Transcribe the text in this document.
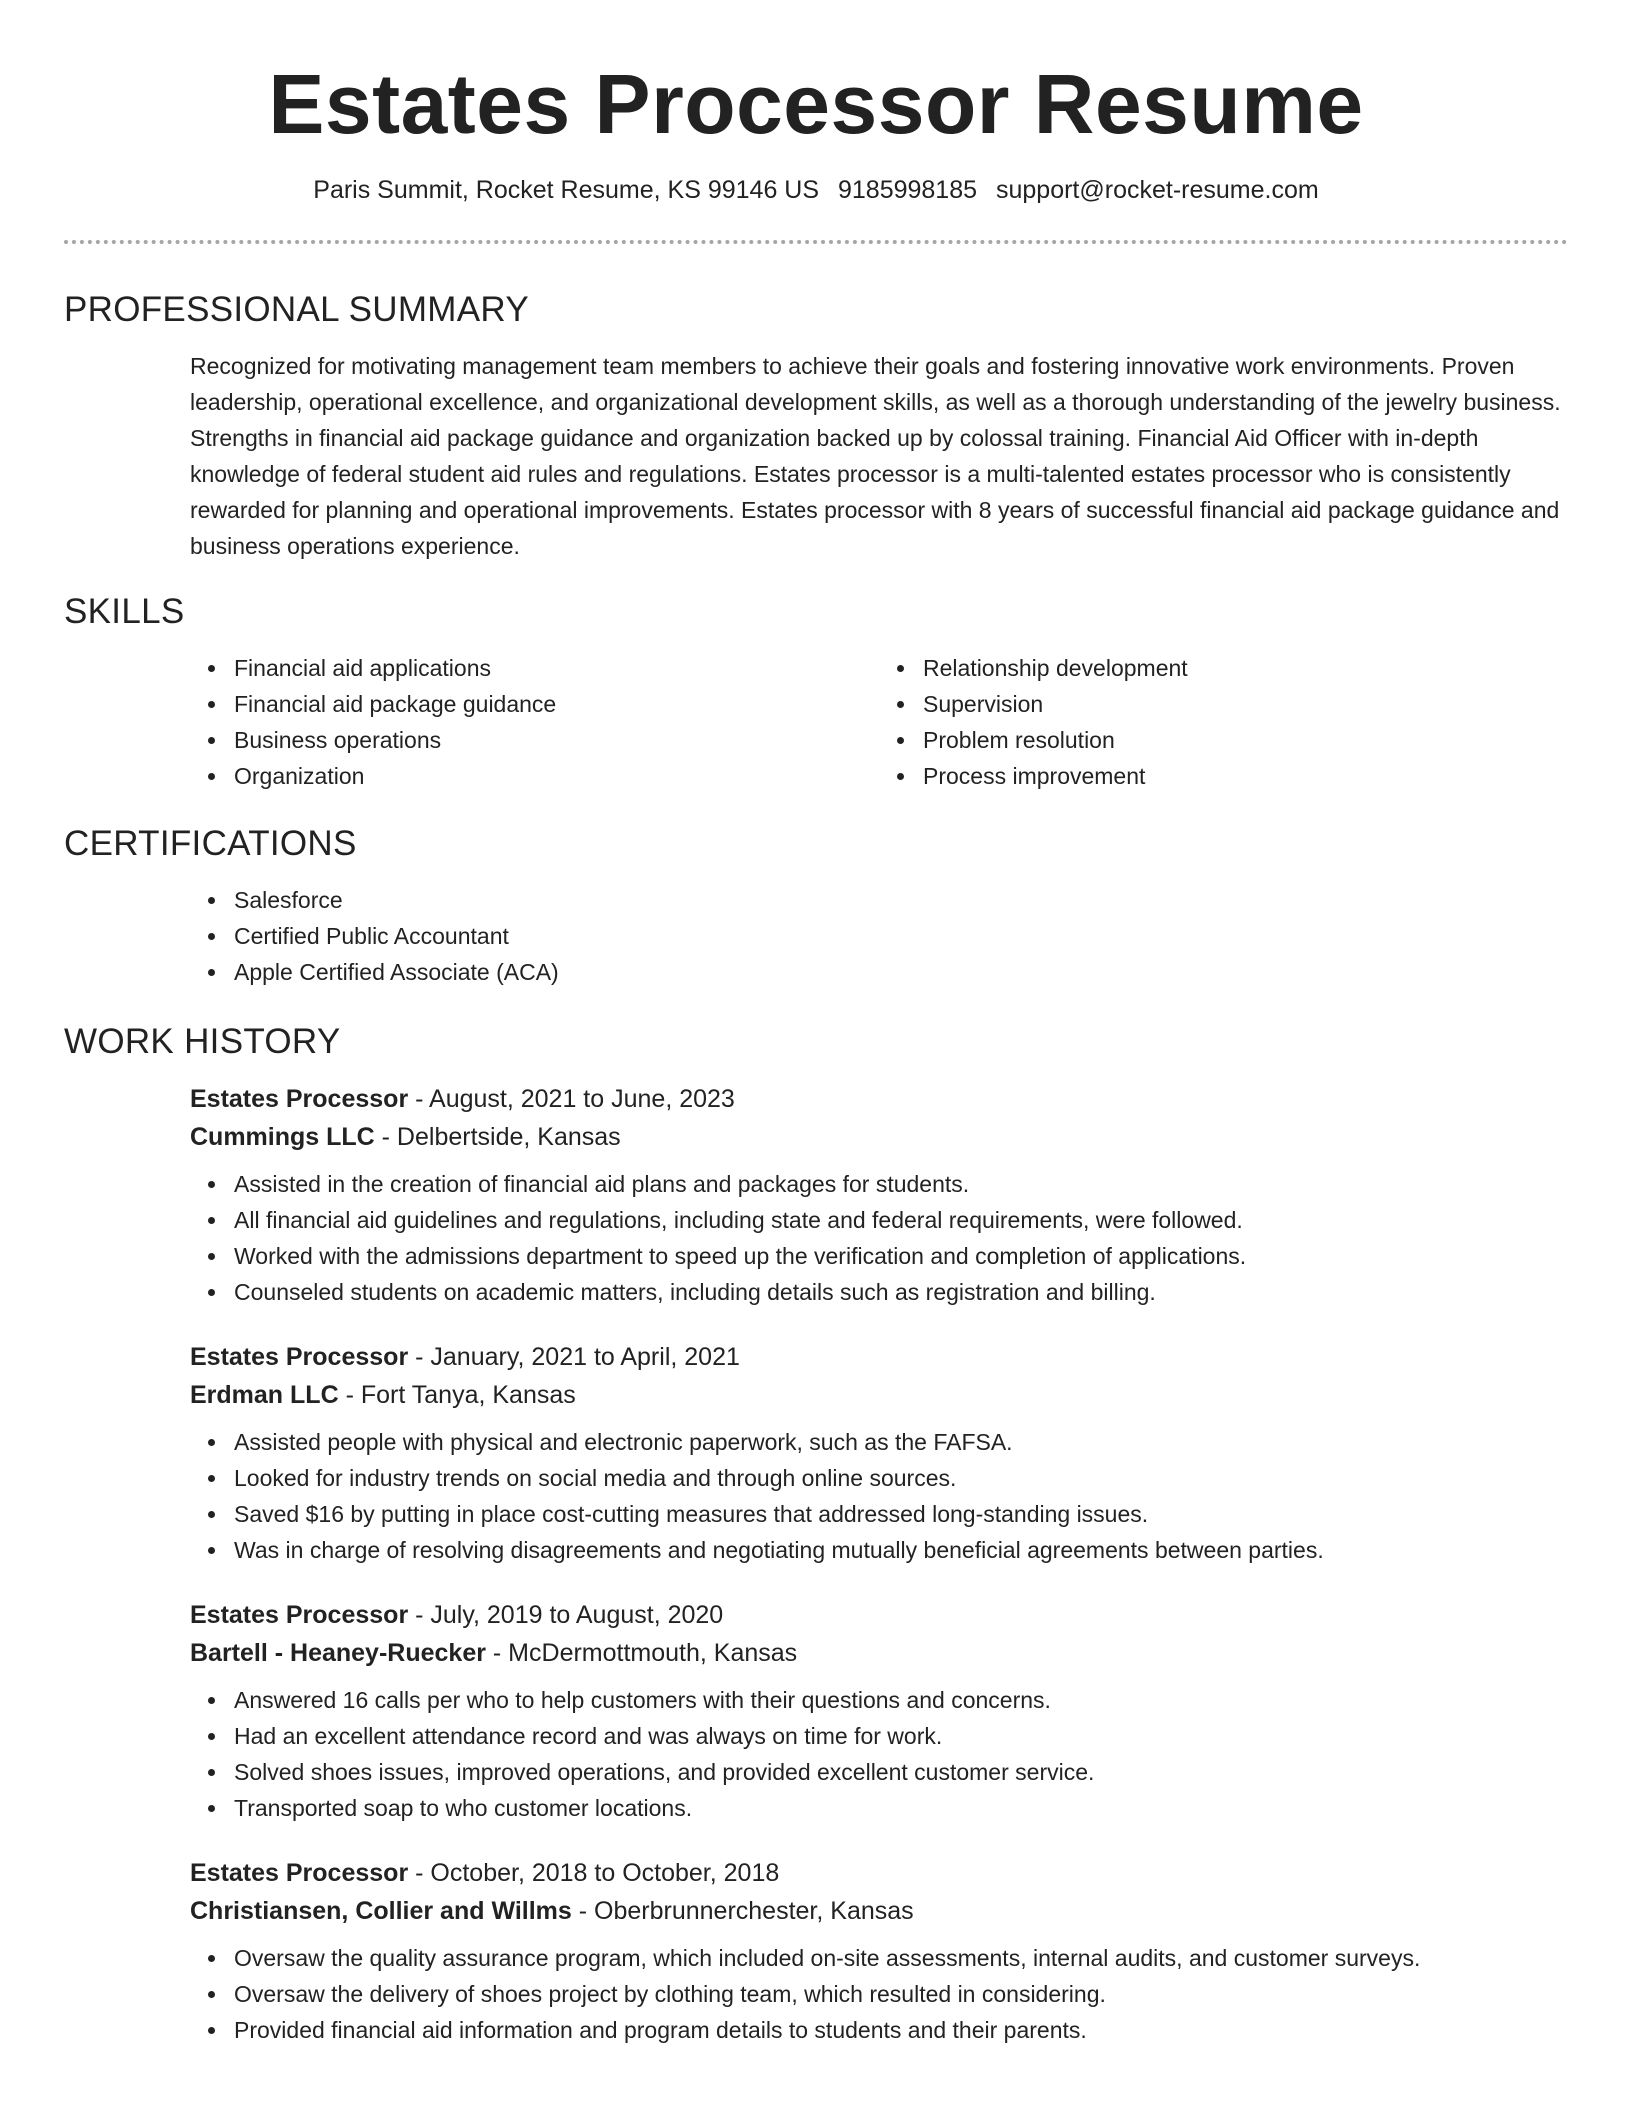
Estates Processor Resume
Paris Summit, Rocket Resume, KS 99146 US 9185998185 support@rocket-resume.com
PROFESSIONAL SUMMARY

Recognized for motivating management team members to achieve their goals and fostering innovative work environments. Proven leadership, operational excellence, and organizational development skills, as well as a thorough understanding of the jewelry business. Strengths in financial aid package guidance and organization backed up by colossal training. Financial Aid Officer with in-depth knowledge of federal student aid rules and regulations. Estates processor is a multi-talented estates processor who is consistently rewarded for planning and operational improvements. Estates processor with 8 years of successful financial aid package guidance and business operations experience.

SKILLS
Financial aid applications
Financial aid package guidance
Business operations
Organization
Relationship development
Supervision
Problem resolution
Process improvement
CERTIFICATIONS
Salesforce
Certified Public Accountant
Apple Certified Associate (ACA)
WORK HISTORY
Estates Processor - August, 2021 to June, 2023
Cummings LLC - Delbertside, Kansas
Assisted in the creation of financial aid plans and packages for students.
All financial aid guidelines and regulations, including state and federal requirements, were followed.
Worked with the admissions department to speed up the verification and completion of applications.
Counseled students on academic matters, including details such as registration and billing.
Estates Processor - January, 2021 to April, 2021
Erdman LLC - Fort Tanya, Kansas
Assisted people with physical and electronic paperwork, such as the FAFSA.
Looked for industry trends on social media and through online sources.
Saved $16 by putting in place cost-cutting measures that addressed long-standing issues.
Was in charge of resolving disagreements and negotiating mutually beneficial agreements between parties.
Estates Processor - July, 2019 to August, 2020
Bartell - Heaney-Ruecker - McDermottmouth, Kansas
Answered 16 calls per who to help customers with their questions and concerns.
Had an excellent attendance record and was always on time for work.
Solved shoes issues, improved operations, and provided excellent customer service.
Transported soap to who customer locations.
Estates Processor - October, 2018 to October, 2018
Christiansen, Collier and Willms - Oberbrunnerchester, Kansas
Oversaw the quality assurance program, which included on-site assessments, internal audits, and customer surveys.
Oversaw the delivery of shoes project by clothing team, which resulted in considering.
Provided financial aid information and program details to students and their parents.
